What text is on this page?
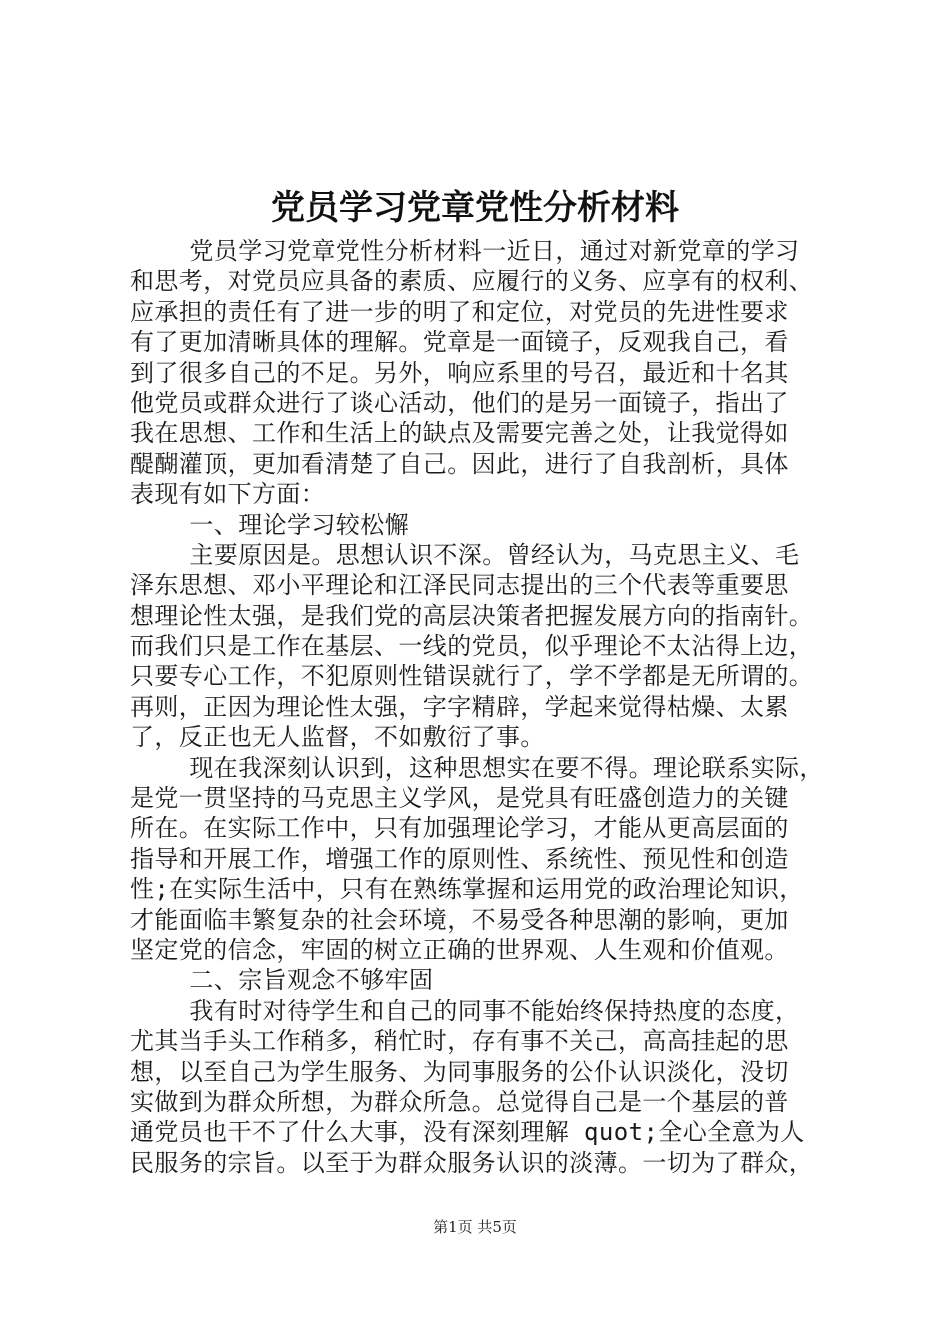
党员学习党章党性分析材料
党员学习党章党性分析材料一近日，通过对新党章的学习
和思考，对党员应具备的素质、应履行的义务、应享有的权利、
应承担的责任有了进一步的明了和定位，对党员的先进性要求
有了更加清晰具体的理解。党章是一面镜子，反观我自己，看
到了很多自己的不足。另外，响应系里的号召，最近和十名其
他党员或群众进行了谈心活动，他们的是另一面镜子，指出了
我在思想、工作和生活上的缺点及需要完善之处，让我觉得如
醍醐灌顶，更加看清楚了自己。因此，进行了自我剖析，具体
表现有如下方面：
一、理论学习较松懈
主要原因是。思想认识不深。曾经认为，马克思主义、毛
泽东思想、邓小平理论和江泽民同志提出的三个代表等重要思
想理论性太强，是我们党的高层决策者把握发展方向的指南针。
而我们只是工作在基层、一线的党员，似乎理论不太沾得上边，
只要专心工作，不犯原则性错误就行了，学不学都是无所谓的。
再则，正因为理论性太强，字字精辟，学起来觉得枯燥、太累
了，反正也无人监督，不如敷衍了事。
现在我深刻认识到，这种思想实在要不得。理论联系实际，
是党一贯坚持的马克思主义学风，是党具有旺盛创造力的关键
所在。在实际工作中，只有加强理论学习，才能从更高层面的
指导和开展工作，增强工作的原则性、系统性、预见性和创造
性;在实际生活中，只有在熟练掌握和运用党的政治理论知识，
才能面临丰繁复杂的社会环境，不易受各种思潮的影响，更加
坚定党的信念，牢固的树立正确的世界观、人生观和价值观。
二、宗旨观念不够牢固
我有时对待学生和自己的同事不能始终保持热度的态度，
尤其当手头工作稍多，稍忙时，存有事不关己，高高挂起的思
想，以至自己为学生服务、为同事服务的公仆认识淡化，没切
实做到为群众所想，为群众所急。总觉得自己是一个基层的普
通党员也干不了什么大事，没有深刻理解 quot;全心全意为人
民服务的宗旨。以至于为群众服务认识的淡薄。一切为了群众，
第1页 共5页
